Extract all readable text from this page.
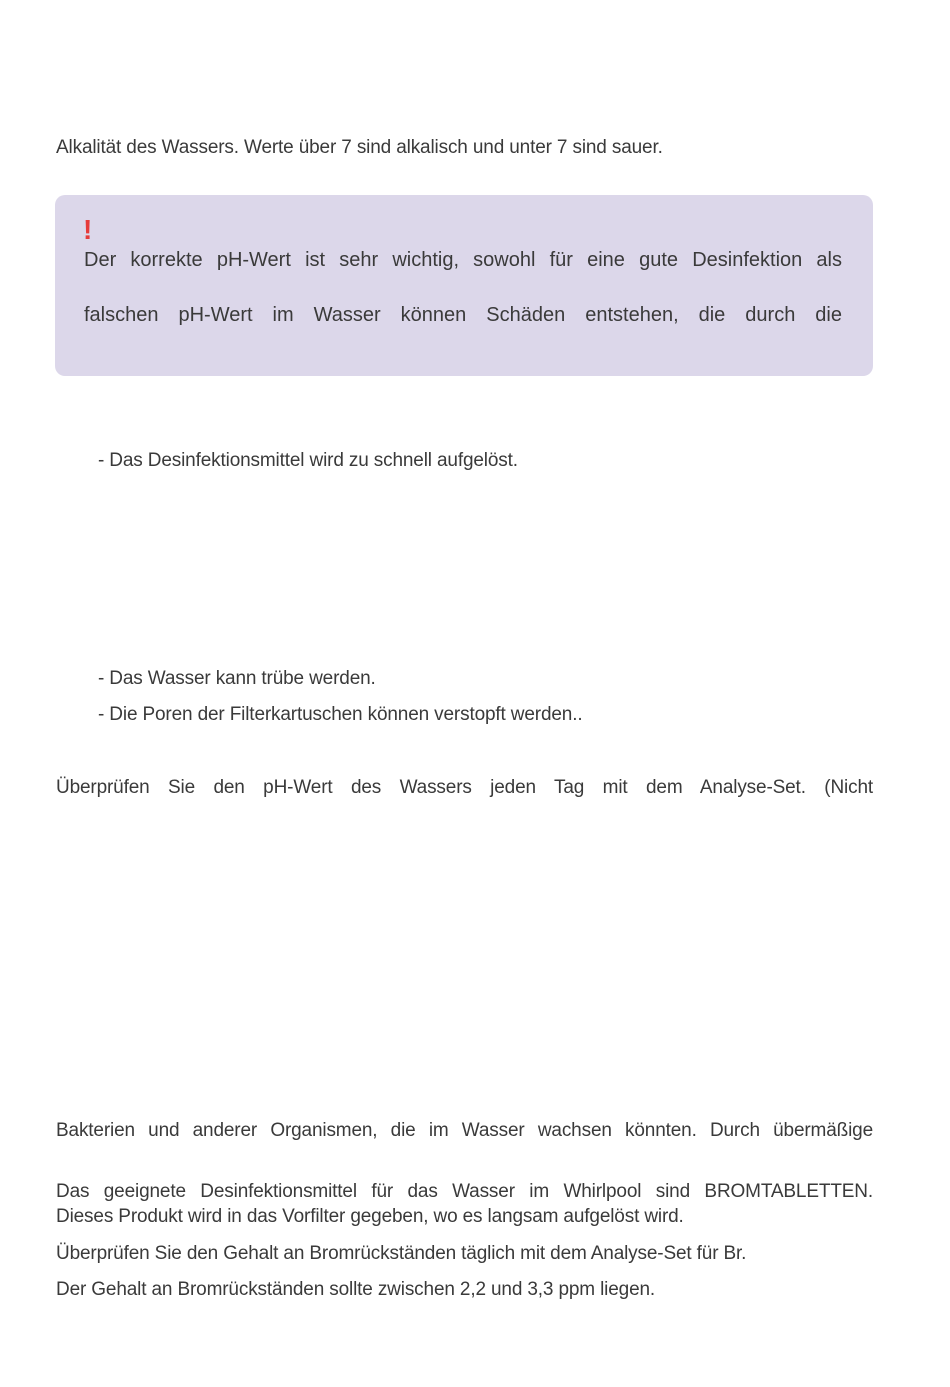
Alkalität des Wassers. Werte über 7 sind alkalisch und unter 7 sind sauer.
!
Der korrekte pH-Wert ist sehr wichtig, sowohl für eine gute Desinfektion als
falschen pH-Wert im Wasser können Schäden entstehen, die durch die
- Das Desinfektionsmittel wird zu schnell aufgelöst.
- Das Wasser kann trübe werden.
- Die Poren der Filterkartuschen können verstopft werden..
Überprüfen Sie den pH-Wert des Wassers jeden Tag mit dem Analyse-Set. (Nicht
Bakterien und anderer Organismen, die im Wasser wachsen könnten. Durch übermäßige
Das geeignete Desinfektionsmittel für das Wasser im Whirlpool sind BROMTABLETTEN.
Dieses Produkt wird in das Vorfilter gegeben, wo es langsam aufgelöst wird.
Überprüfen Sie den Gehalt an Bromrückständen täglich mit dem Analyse-Set für Br.
Der Gehalt an Bromrückständen sollte zwischen 2,2 und 3,3 ppm liegen.
